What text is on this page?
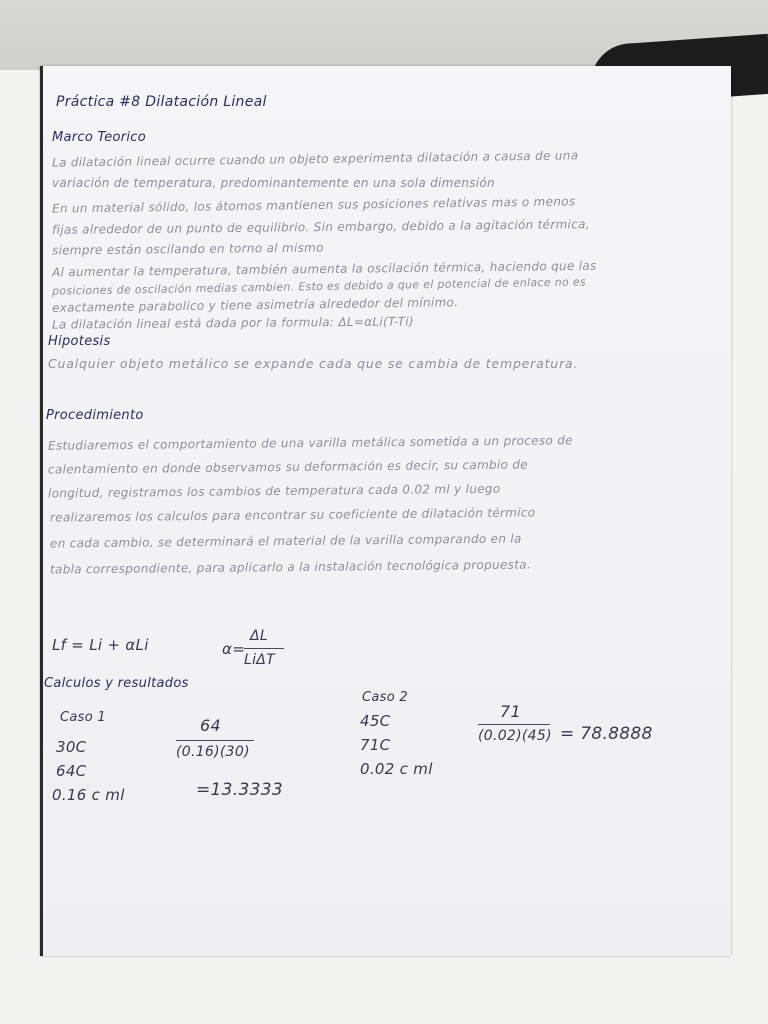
Práctica #8 Dilatación Lineal
Marco Teorico
La dilatación lineal ocurre cuando un objeto experimenta dilatación a causa de una
variación de temperatura, predominantemente en una sola dimensión
En un material sólido, los átomos mantienen sus posiciones relativas mas o menos
fijas alrededor de un punto de equilibrio. Sin embargo, debido a la agitación térmica,
siempre están oscilando en torno al mismo
Al aumentar la temperatura, también aumenta la oscilación térmica, haciendo que las
posiciones de oscilación medias cambien. Esto es debido a que el potencial de enlace no es
exactamente parabolico y tiene asimetría alrededor del mínimo.
La dilatación lineal está dada por la formula: ΔL=αLi(T-Ti)
Hipotesis
Cualquier objeto metálico se expande cada que se cambia de temperatura.
Procedimiento
Estudiaremos el comportamiento de una varilla metálica sometida a un proceso de
calentamiento en donde observamos su deformación es decir, su cambio de
longitud, registramos los cambios de temperatura cada 0.02 ml y luego
realizaremos los calculos para encontrar su coeficiente de dilatación térmico
en cada cambio, se determinará el material de la varilla comparando en la
tabla correspondiente, para aplicarlo a la instalación tecnológica propuesta.
Lf = Li + αLi	α=
ΔL
LiΔT
Calculos y resultados
Caso 1
30C
64C
0.16 c ml
64
(0.16)(30)
=13.3333
Caso 2
45C
71C
0.02 c ml
71
(0.02)(45) = 78.8888
